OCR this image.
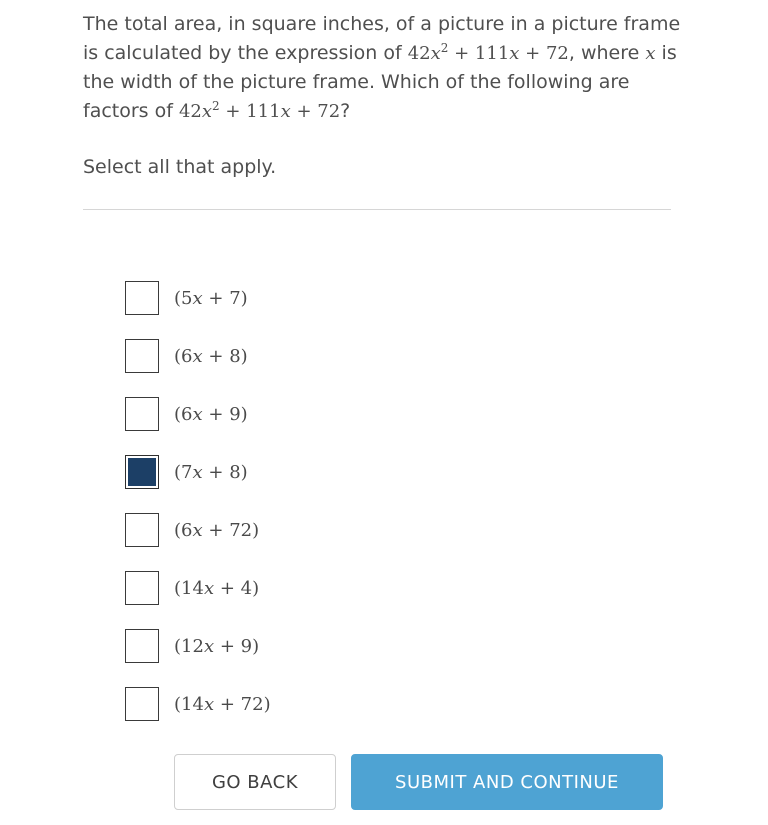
The total area, in square inches, of a picture in a picture frame
is calculated by the expression of $42x^2 + 111x + 72$, where x is
the width of the picture frame. Which of the following are
factors of $42x^2 + 111x + 72$?
Select all that apply.
(5x + 7)
(6x + 8)
(6x + 9)
(7x + 8)
(6x + 72)
(14x + 4)
(12x + 9)
(14x + 72)
GO BACK	SUBMIT AND CONTINUE
